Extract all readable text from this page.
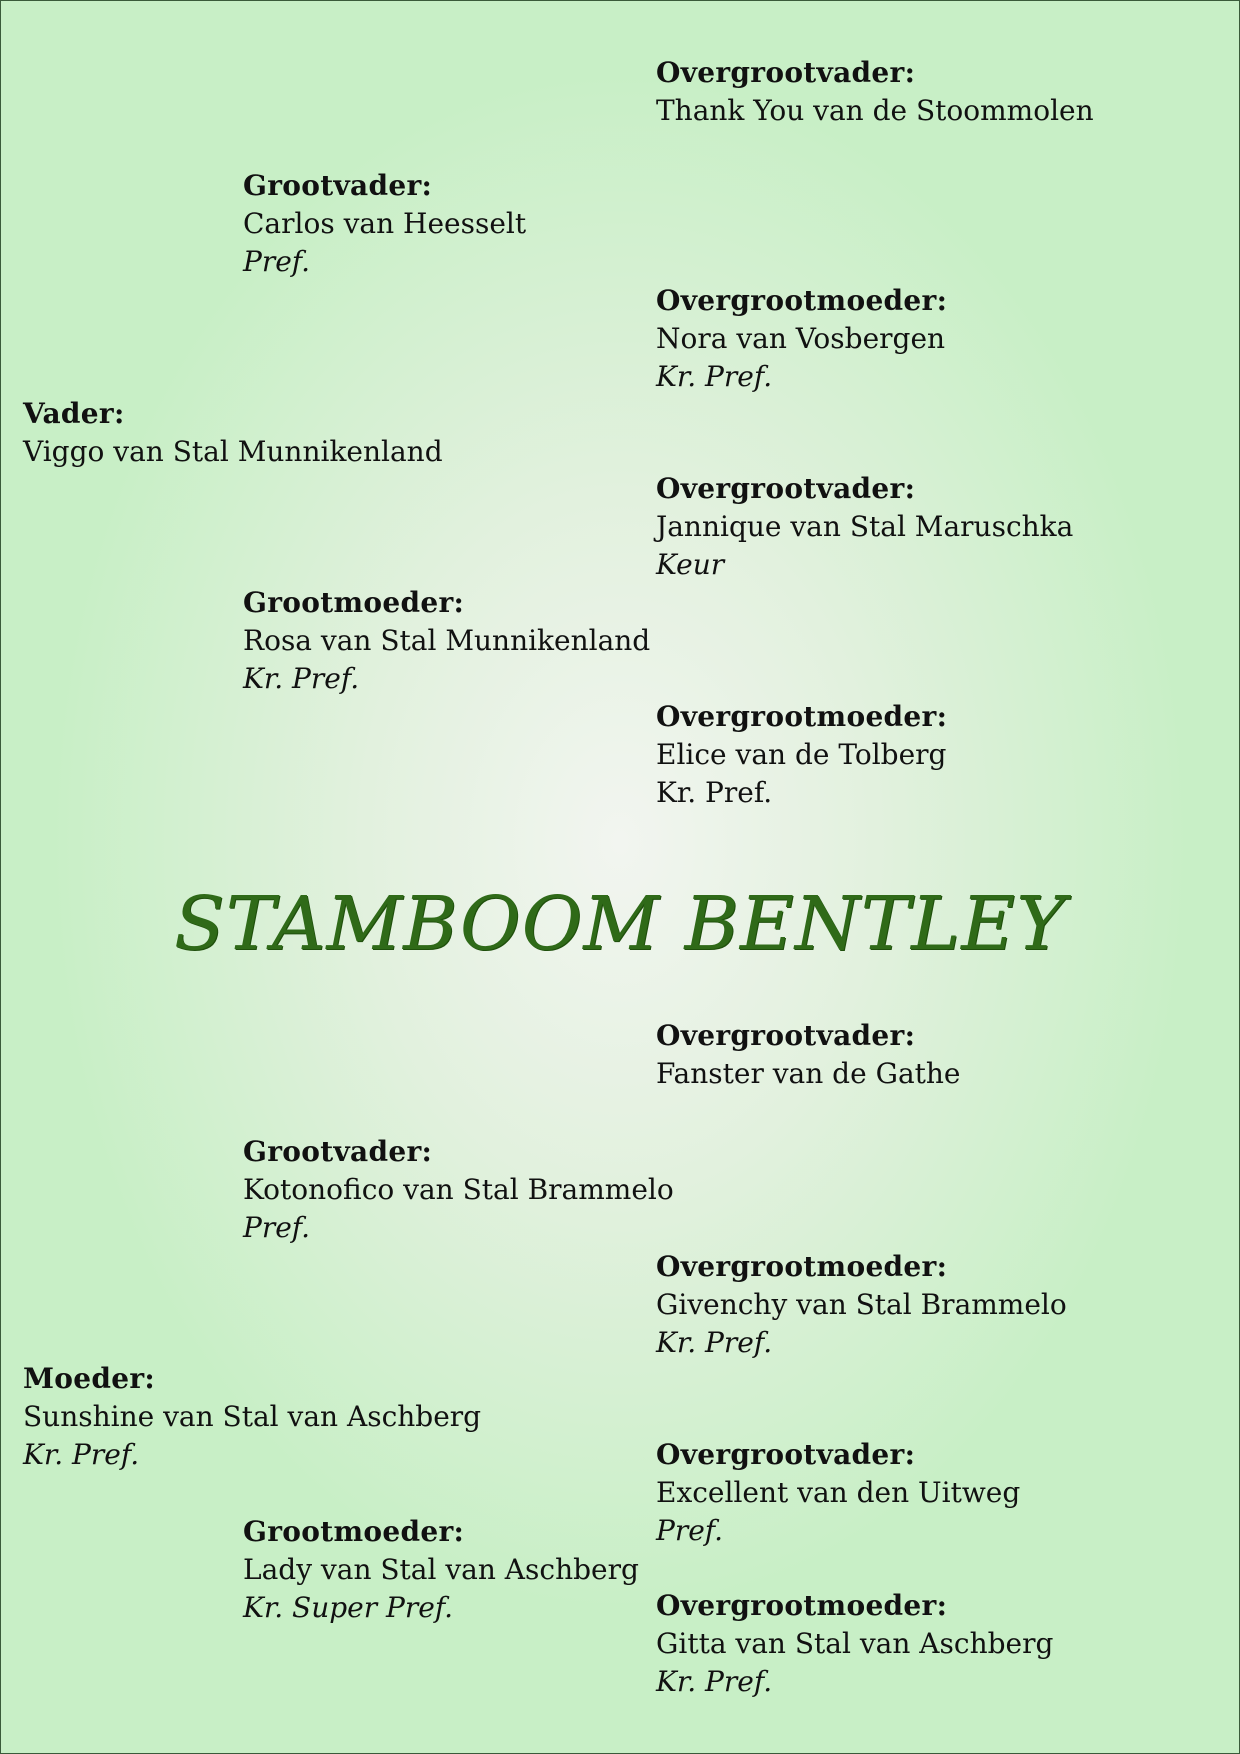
Overgrootvader:
Thank You van de Stoommolen
Grootvader:
Carlos van Heesselt
Pref.
Overgrootmoeder:
Nora van Vosbergen
Kr. Pref.
Vader:
Viggo van Stal Munnikenland
Overgrootvader:
Jannique van Stal Maruschka
Keur
Grootmoeder:
Rosa van Stal Munnikenland
Kr. Pref.
Overgrootmoeder:
Elice van de Tolberg
Kr. Pref.
STAMBOOM BENTLEY
Overgrootvader:
Fanster van de Gathe
Grootvader:
Kotonofico van Stal Brammelo
Pref.
Overgrootmoeder:
Givenchy van Stal Brammelo
Kr. Pref.
Moeder:
Sunshine van Stal van Aschberg
Kr. Pref.	Overgrootvader:
Excellent van den Uitweg
Pref.
Grootmoeder:
Lady van Stal van Aschberg
Kr. Super Pref.	Overgrootmoeder:
Gitta van Stal van Aschberg
Kr. Pref.
